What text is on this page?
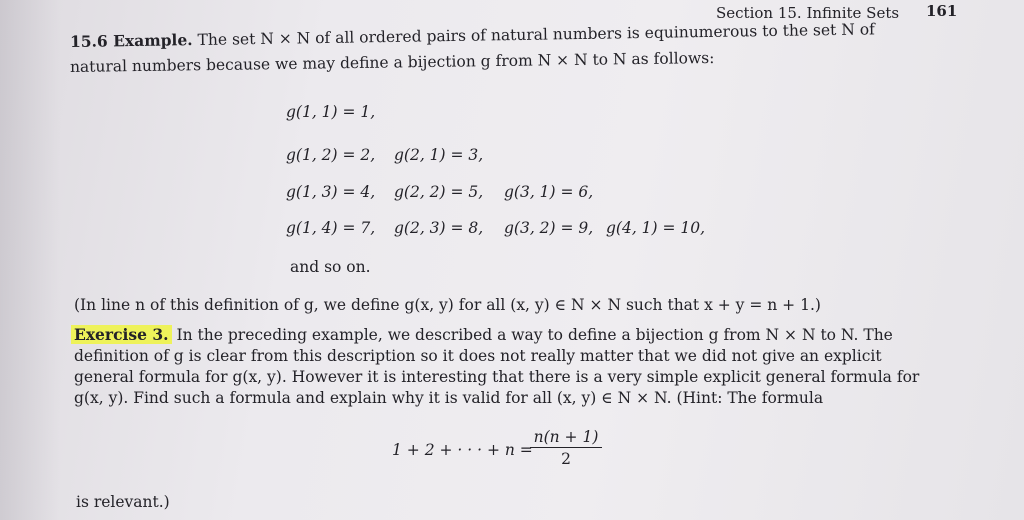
Section 15. Infinite Sets 161
15.6 Example. The set N × N of all ordered pairs of natural numbers is equinumerous to the set N of
natural numbers because we may define a bijection g from N × N to N as follows:
g(1, 1) = 1,
g(1, 2) = 2, g(2, 1) = 3,
g(1, 3) = 4, g(2, 2) = 5, g(3, 1) = 6,
g(1, 4) = 7, g(2, 3) = 8, g(3, 2) = 9, g(4, 1) = 10,
and so on.
(In line n of this definition of g, we define g(x, y) for all (x, y) ∈ N × N such that x + y = n + 1.)
Exercise 3. In the preceding example, we described a way to define a bijection g from N × N to N. The
definition of g is clear from this description so it does not really matter that we did not give an explicit
general formula for g(x, y). However it is interesting that there is a very simple explicit general formula for
g(x, y). Find such a formula and explain why it is valid for all (x, y) ∈ N × N. (Hint: The formula
1 + 2 + · · · + n =
$\frac{n(n + 1)}{2}$
is relevant.)
